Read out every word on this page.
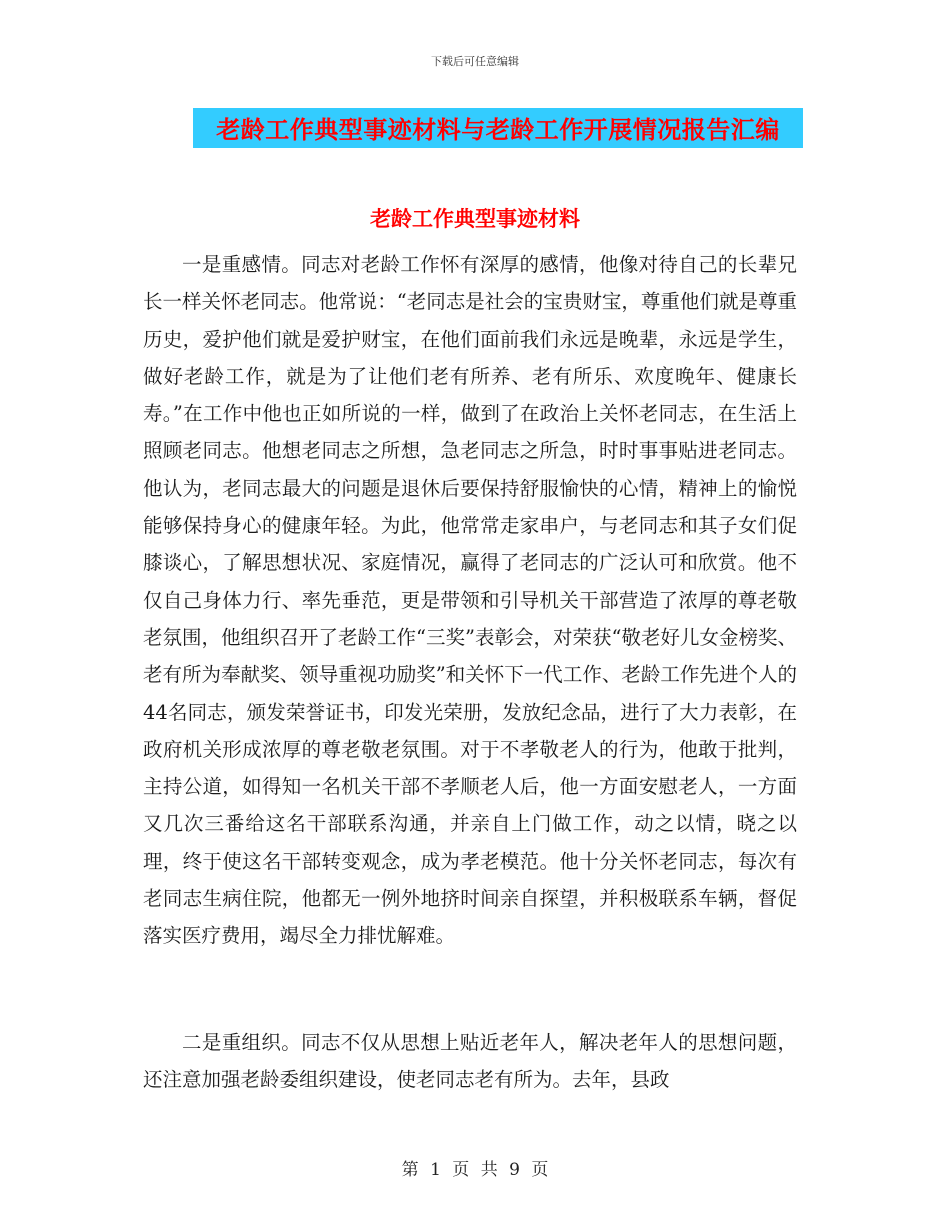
下载后可任意编辑
老龄工作典型事迹材料与老龄工作开展情况报告汇编
老龄工作典型事迹材料

一是重感情。同志对老龄工作怀有深厚的感情，他像对待自己的长辈兄长一样关怀老同志。他常说：“老同志是社会的宝贵财宝，尊重他们就是尊重历史，爱护他们就是爱护财宝，在他们面前我们永远是晚辈，永远是学生，做好老龄工作，就是为了让他们老有所养、老有所乐、欢度晚年、健康长寿。”在工作中他也正如所说的一样，做到了在政治上关怀老同志，在生活上照顾老同志。他想老同志之所想，急老同志之所急，时时事事贴进老同志。他认为，老同志最大的问题是退休后要保持舒服愉快的心情，精神上的愉悦能够保持身心的健康年轻。为此，他常常走家串户，与老同志和其子女们促膝谈心，了解思想状况、家庭情况，赢得了老同志的广泛认可和欣赏。他不仅自己身体力行、率先垂范，更是带领和引导机关干部营造了浓厚的尊老敬老氛围，他组织召开了老龄工作“三奖”表彰会，对荣获“敬老好儿女金榜奖、老有所为奉献奖、领导重视功励奖”和关怀下一代工作、老龄工作先进个人的44名同志，颁发荣誉证书，印发光荣册，发放纪念品，进行了大力表彰，在政府机关形成浓厚的尊老敬老氛围。对于不孝敬老人的行为，他敢于批判，主持公道，如得知一名机关干部不孝顺老人后，他一方面安慰老人，一方面又几次三番给这名干部联系沟通，并亲自上门做工作，动之以情，晓之以理，终于使这名干部转变观念，成为孝老模范。他十分关怀老同志，每次有老同志生病住院，他都无一例外地挤时间亲自探望，并积极联系车辆，督促落实医疗费用，竭尽全力排忧解难。

二是重组织。同志不仅从思想上贴近老年人，解决老年人的思想问题，还注意加强老龄委组织建设，使老同志老有所为。去年，县政

第 1 页 共 9 页
